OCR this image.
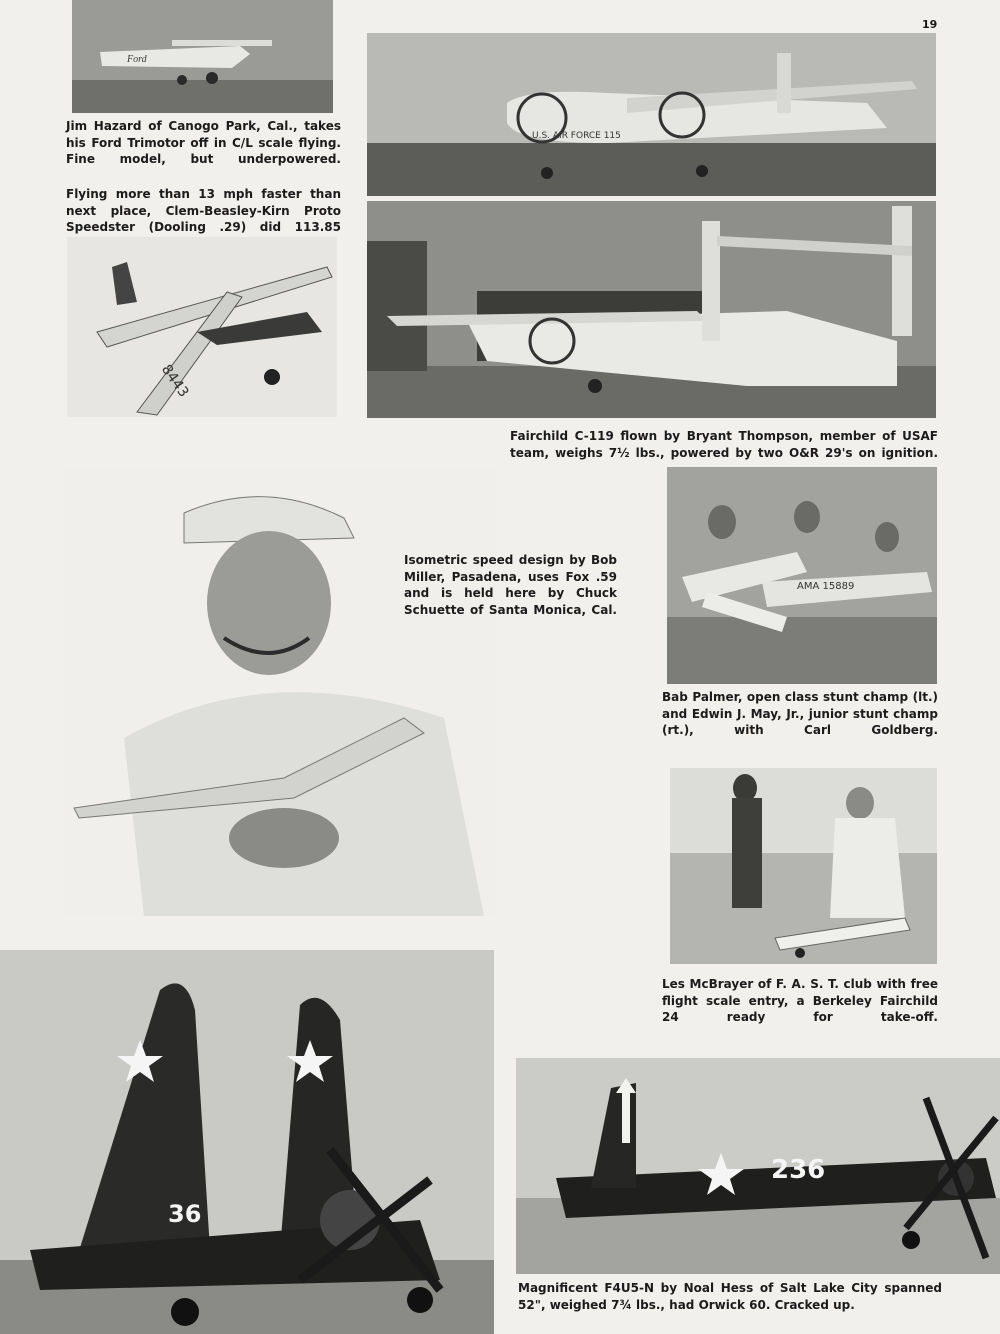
19
Ford

Jim Hazard of Canogo Park, Cal., takes his Ford Trimotor off in C/L scale flying. Fine model, but underpowered.

U.S. AIR FORCE 115

Flying more than 13 mph faster than next place, Clem-Beasley-Kirn Proto Speedster (Dooling .29) did 113.85

8443

Fairchild C-119 flown by Bryant Thompson, member of USAF team, weighs 7½ lbs., powered by two O&R 29's on ignition.

Isometric speed design by Bob Miller, Pasadena, uses Fox .59 and is held here by Chuck Schuette of Santa Monica, Cal.

AMA 15889

Bab Palmer, open class stunt champ (lt.) and Edwin J. May, Jr., junior stunt champ (rt.), with Carl Goldberg.

Les McBrayer of F. A. S. T. club with free flight scale entry, a Berkeley Fairchild 24 ready for take-off.

36
236

Magnificent F4U5-N by Noal Hess of Salt Lake City spanned 52", weighed 7¾ lbs., had Orwick 60. Cracked up.
